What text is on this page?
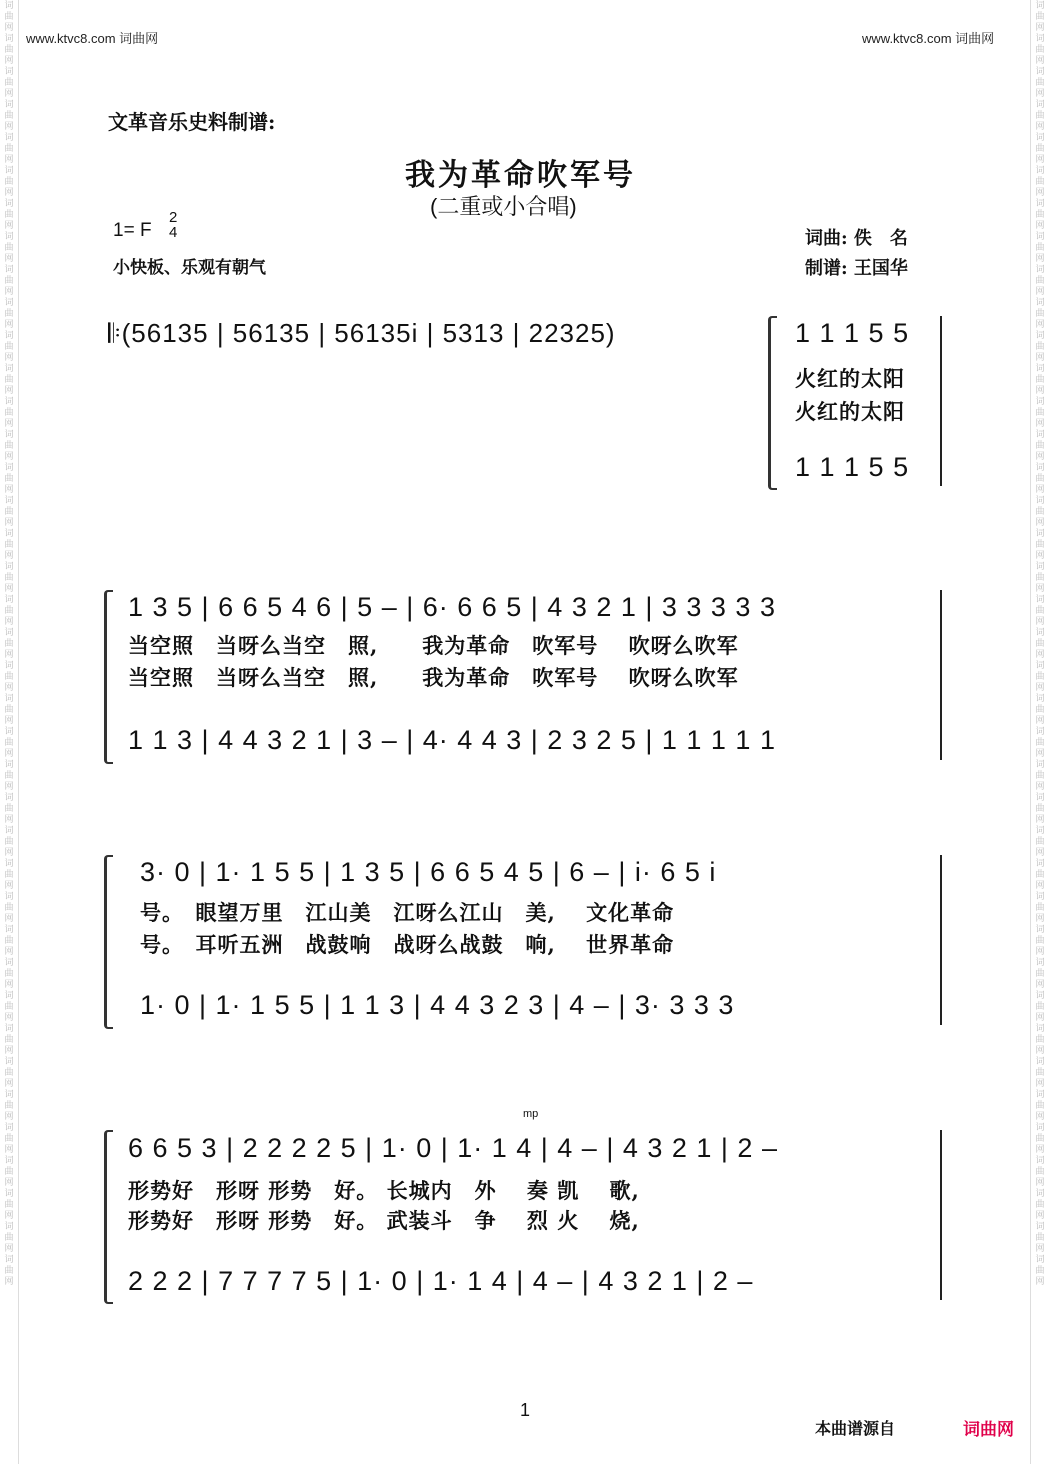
词曲网词曲网词曲网词曲网词曲网词曲网词曲网词曲网词曲网词曲网词曲网词曲网词曲网词曲网词曲网词曲网词曲网词曲网词曲网词曲网词曲网词曲网词曲网词曲网词曲网词曲网词曲网词曲网词曲网词曲网词曲网词曲网词曲网词曲网词曲网词曲网词曲网词曲网词曲网
词曲网词曲网词曲网词曲网词曲网词曲网词曲网词曲网词曲网词曲网词曲网词曲网词曲网词曲网词曲网词曲网词曲网词曲网词曲网词曲网词曲网词曲网词曲网词曲网词曲网词曲网词曲网词曲网词曲网词曲网词曲网词曲网词曲网词曲网词曲网词曲网词曲网词曲网词曲网
www.ktvc8.com 词曲网	www.ktvc8.com 词曲网
文革音乐史料制谱:
我为革命吹军号
(二重或小合唱)
1= F
2
4
小快板、乐观有朝气
词曲: 佚　名
制谱: 王国华
𝄆(56135 | 56135 | 56135i | 5313 | 22325)	1 1 1 5 5
火红的太阳
火红的太阳
1 1 1 5 5
1 3 5 | 6 6 5 4 6 | 5 – | 6· 6 6 5 | 4 3 2 1 | 3 3 3 3 3
当空照　当呀么当空　照,　　我为革命　吹军号　 吹呀么吹军
当空照　当呀么当空　照,　　我为革命　吹军号　 吹呀么吹军
1 1 3 | 4 4 3 2 1 | 3 – | 4· 4 4 3 | 2 3 2 5 | 1 1 1 1 1
3· 0 | 1· 1 5 5 | 1 3 5 | 6 6 5 4 5 | 6 – | i· 6 5 i
号。　眼望万里　江山美　江呀么江山　美,　 文化革命
号。　耳听五洲　战鼓响　战呀么战鼓　响,　 世界革命
1· 0 | 1· 1 5 5 | 1 1 3 | 4 4 3 2 3 | 4 – | 3· 3 3 3
mp
6 6 5 3 | 2 2 2 2 5 | 1· 0 | 1· 1 4 | 4 – | 4 3 2 1 | 2 –
形势好　形呀 形势　好。 长城内　外　 奏 凯　 歌,
形势好　形呀 形势　好。 武装斗　争　 烈 火　 烧,
2 2 2 | 7 7 7 7 5 | 1· 0 | 1· 1 4 | 4 – | 4 3 2 1 | 2 –
1
本曲谱源自	词曲网
